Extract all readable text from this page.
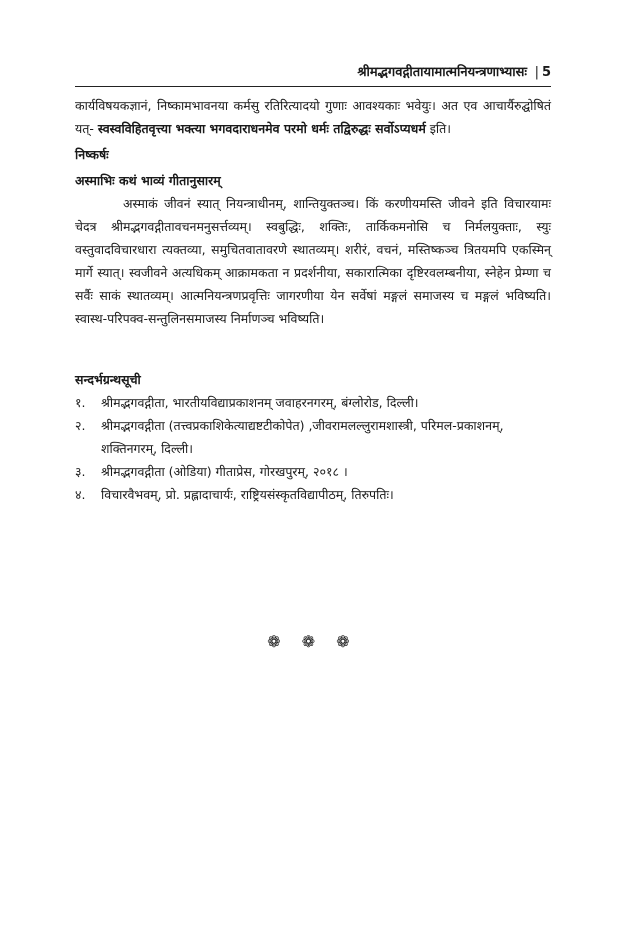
श्रीमद्भगवद्गीतायामात्मनियन्त्रणाभ्यासः | 5

कार्यविषयकज्ञानं, निष्कामभावनया कर्मसु रतिरित्यादयो गुणाः आवश्यकाः भवेयुः। अत एव आचार्यैरुद्घोषितं यत्- स्वस्वविहितवृत्त्या भक्त्या भगवदाराधनमेव परमो धर्मः तद्विरुद्धः सर्वोऽप्यधर्म इति।

निष्कर्षः
अस्माभिः कथं भाव्यं गीतानुसारम्

अस्माकं जीवनं स्यात् नियन्त्राधीनम्, शान्तियुक्तञ्च। किं करणीयमस्ति जीवने इति विचारयामः चेदत्र श्रीमद्भगवद्गीतावचनमनुसर्त्तव्यम्। स्वबुद्धिः, शक्तिः, तार्किकमनोसि च निर्मलयुक्ताः, स्युः वस्तुवादविचारधारा त्यक्तव्या, समुचितवातावरणे स्थातव्यम्। शरीरं, वचनं, मस्तिष्कञ्च त्रितयमपि एकस्मिन् मार्गे स्यात्। स्वजीवने अत्यधिकम् आक्रामकता न प्रदर्शनीया, सकारात्मिका दृष्टिरवलम्बनीया, स्नेहेन प्रेम्णा च सर्वैः साकं स्थातव्यम्। आत्मनियन्त्रणप्रवृत्तिः जागरणीया येन सर्वेषां मङ्गलं समाजस्य च मङ्गलं भविष्यति। स्वास्थ-परिपक्व-सन्तुलिनसमाजस्य निर्माणञ्च भविष्यति।

सन्दर्भग्रन्थसूची
१.	श्रीमद्भगवद्गीता, भारतीयविद्याप्रकाशनम् जवाहरनगरम्, बंग्लोरोड, दिल्ली।
२.	श्रीमद्भगवद्गीता (तत्त्वप्रकाशिकेत्याद्यष्टटीकोपेत) ,जीवरामलल्लुरामशास्त्री, परिमल-प्रकाशनम्, शक्तिनगरम्, दिल्ली।
३.	श्रीमद्भगवद्गीता (ओडिया) गीताप्रेस, गोरखपुरम्, २०१८ ।
४.	विचारवैभवम्, प्रो. प्रह्लादाचार्यः, राष्ट्रियसंस्कृतविद्यापीठम्, तिरुपतिः।
❁ ❁ ❁
